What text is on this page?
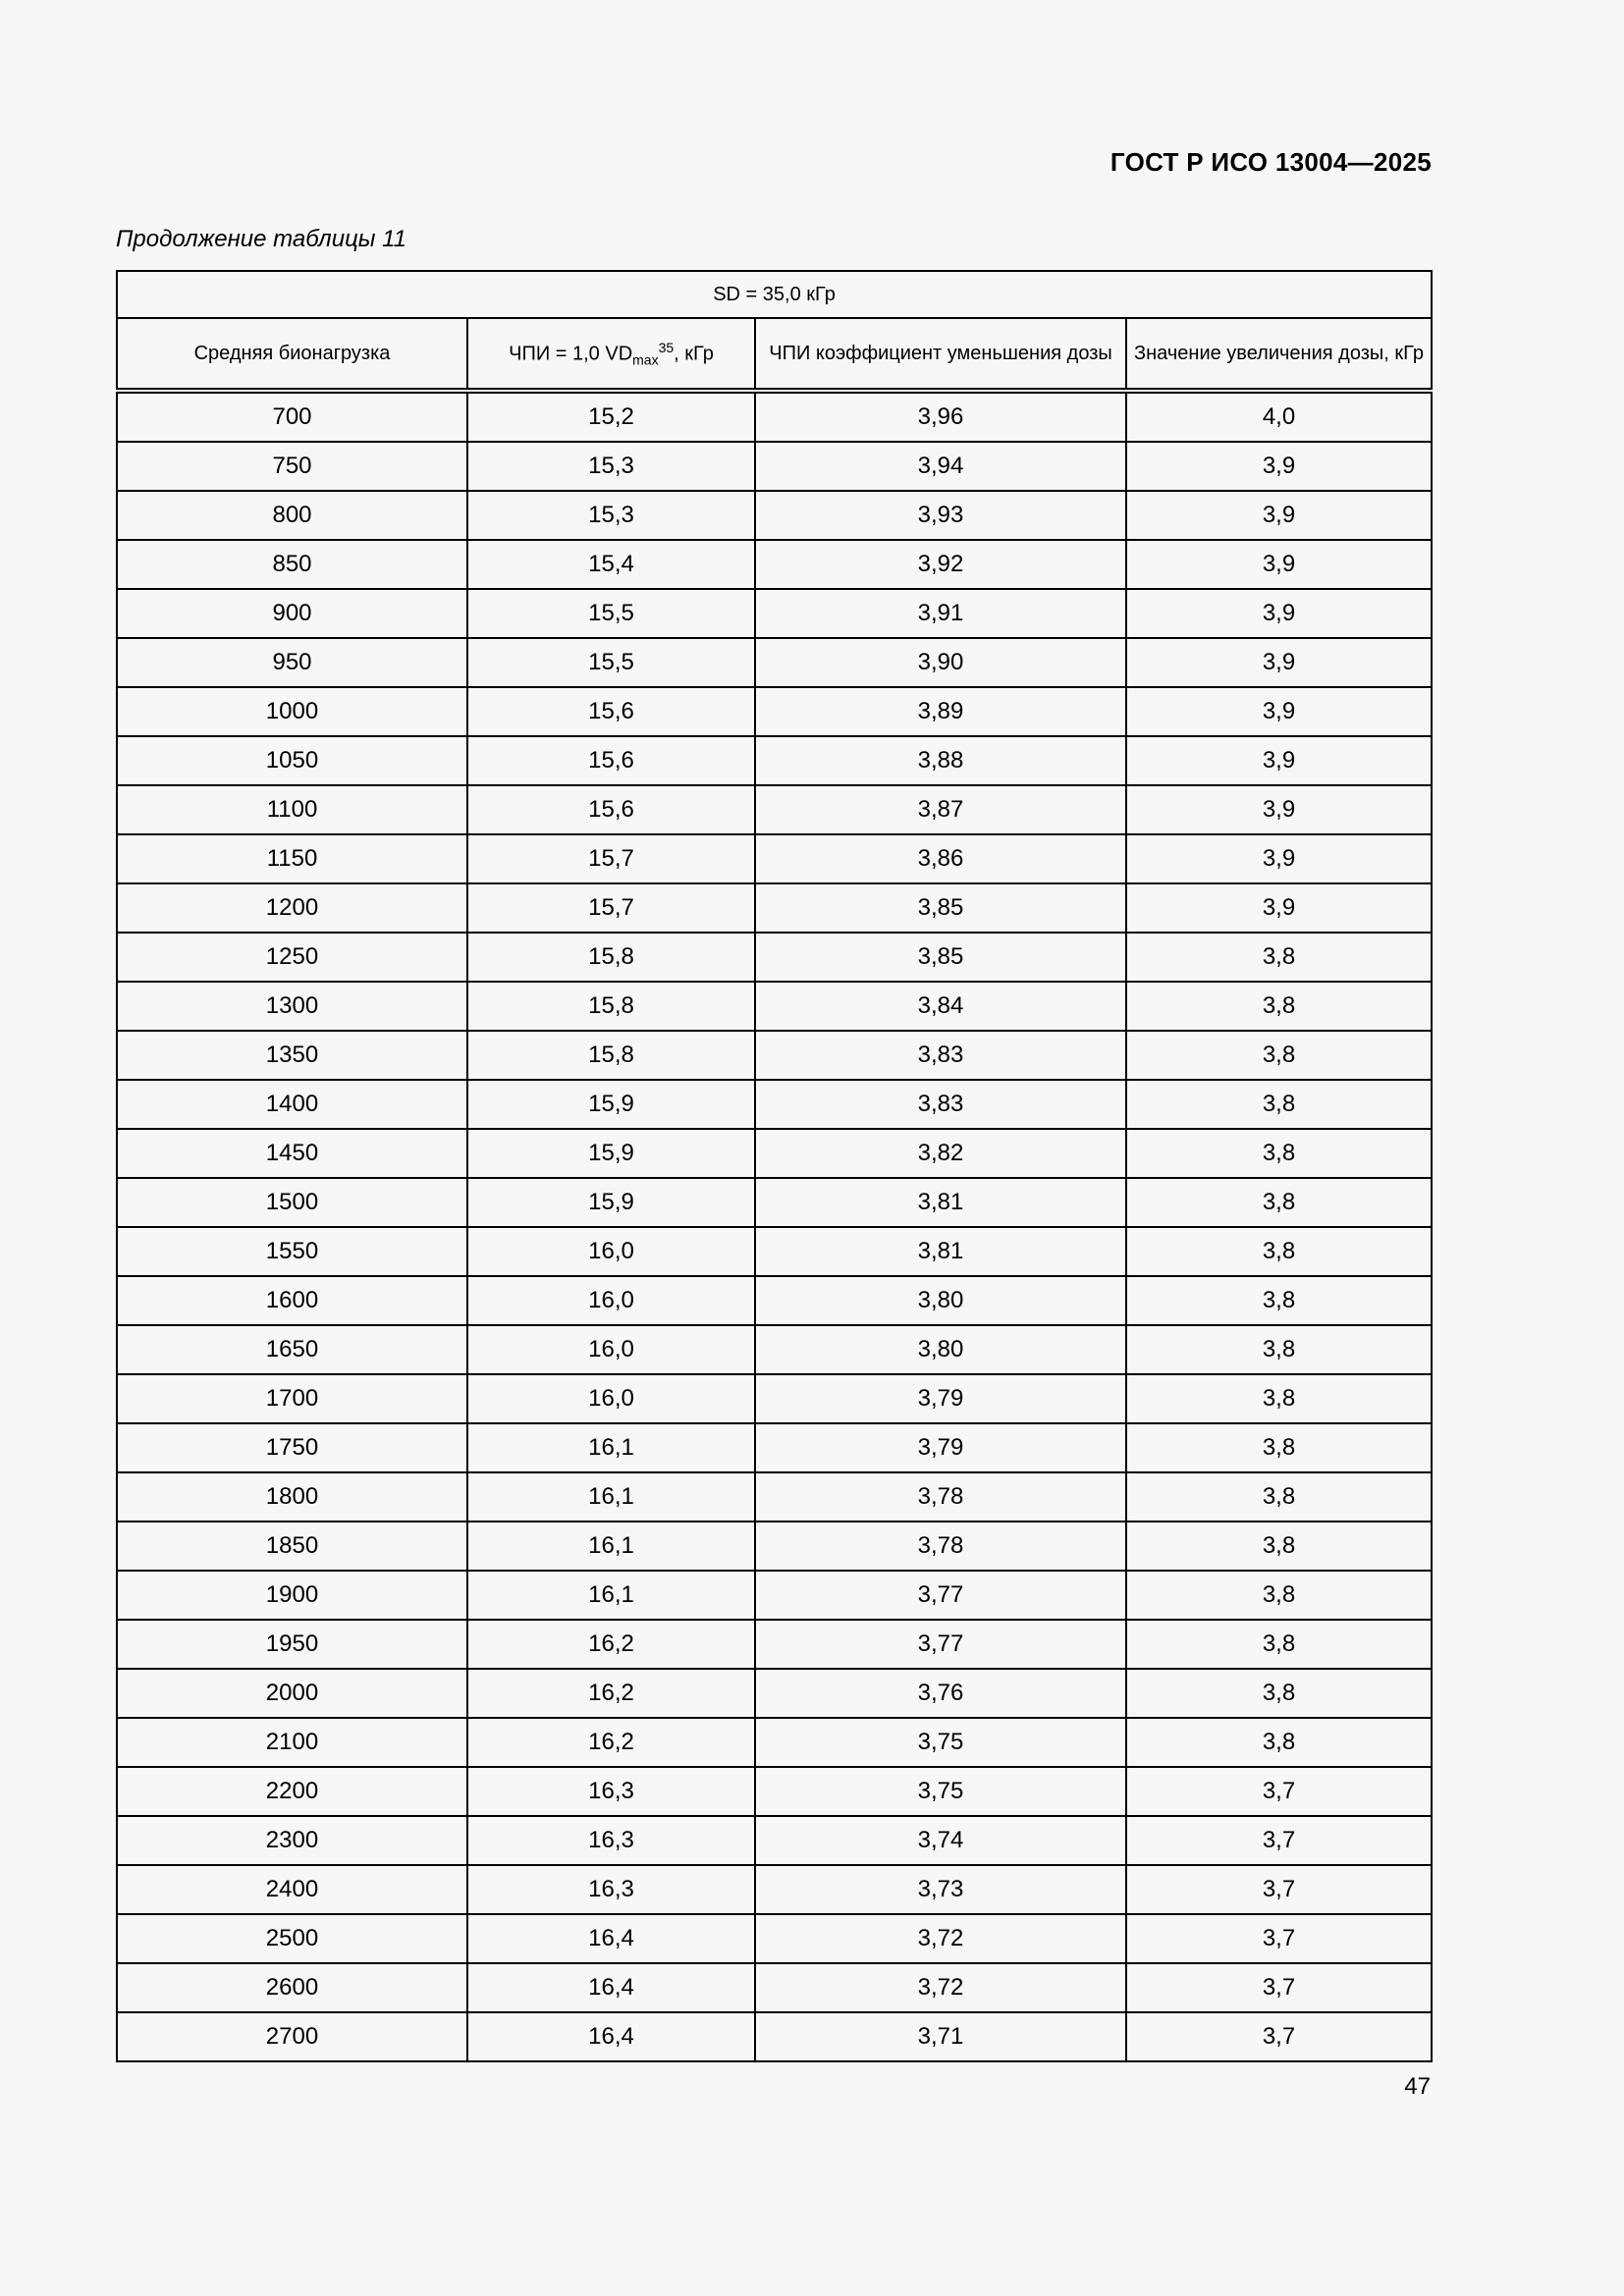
ГОСТ Р ИСО 13004—2025
Продолжение таблицы 11
SD = 35,0 кГр			
Средняя бионагрузка	ЧПИ = 1,0 $VD_{max}^{35}$, кГр	ЧПИ коэффициент уменьшения дозы	Значение увеличения дозы, кГр
700	15,2	3,96	4,0
750	15,3	3,94	3,9
800	15,3	3,93	3,9
850	15,4	3,92	3,9
900	15,5	3,91	3,9
950	15,5	3,90	3,9
1000	15,6	3,89	3,9
1050	15,6	3,88	3,9
1100	15,6	3,87	3,9
1150	15,7	3,86	3,9
1200	15,7	3,85	3,9
1250	15,8	3,85	3,8
1300	15,8	3,84	3,8
1350	15,8	3,83	3,8
1400	15,9	3,83	3,8
1450	15,9	3,82	3,8
1500	15,9	3,81	3,8
1550	16,0	3,81	3,8
1600	16,0	3,80	3,8
1650	16,0	3,80	3,8
1700	16,0	3,79	3,8
1750	16,1	3,79	3,8
1800	16,1	3,78	3,8
1850	16,1	3,78	3,8
1900	16,1	3,77	3,8
1950	16,2	3,77	3,8
2000	16,2	3,76	3,8
2100	16,2	3,75	3,8
2200	16,3	3,75	3,7
2300	16,3	3,74	3,7
2400	16,3	3,73	3,7
2500	16,4	3,72	3,7
2600	16,4	3,72	3,7
2700	16,4	3,71	3,7
47
